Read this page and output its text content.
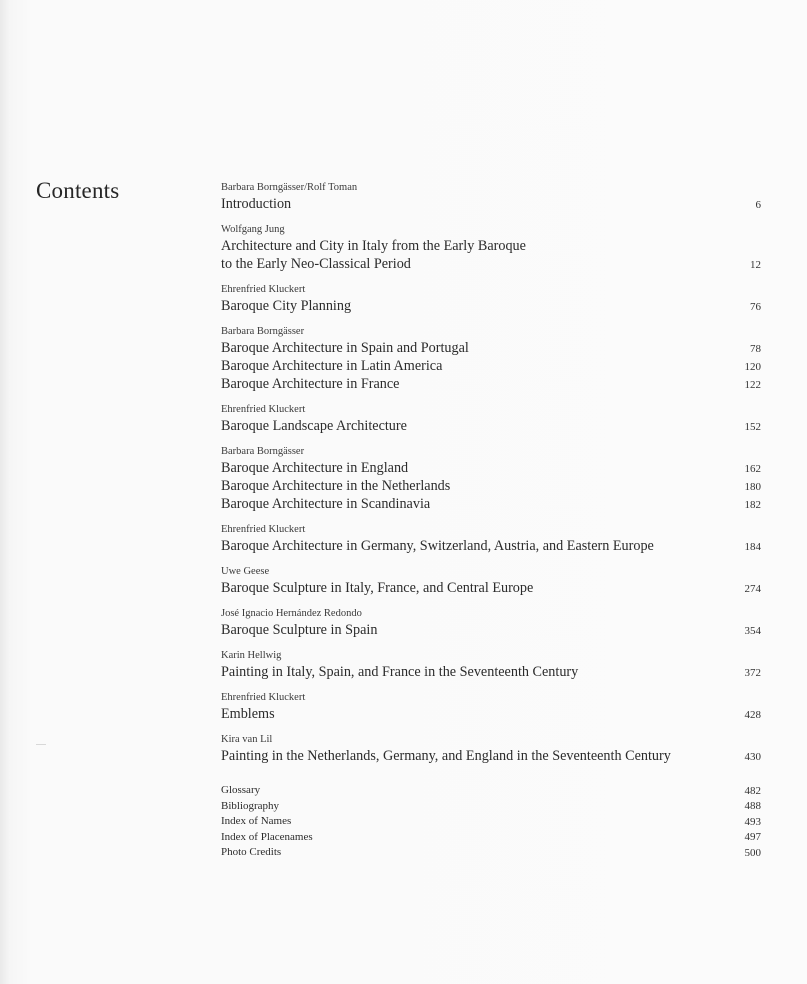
Contents	Barbara Borngässer/Rolf Toman
Introduction	6
Wolfgang Jung
Architecture and City in Italy from the Early Baroque
to the Early Neo-Classical Period	12
Ehrenfried Kluckert
Baroque City Planning	76
Barbara Borngässer
Baroque Architecture in Spain and Portugal	78
Baroque Architecture in Latin America	120
Baroque Architecture in France	122
Ehrenfried Kluckert
Baroque Landscape Architecture	152
Barbara Borngässer
Baroque Architecture in England	162
Baroque Architecture in the Netherlands	180
Baroque Architecture in Scandinavia	182
Ehrenfried Kluckert
Baroque Architecture in Germany, Switzerland, Austria, and Eastern Europe	184
Uwe Geese
Baroque Sculpture in Italy, France, and Central Europe	274
José Ignacio Hernández Redondo
Baroque Sculpture in Spain	354
Karin Hellwig
Painting in Italy, Spain, and France in the Seventeenth Century	372
Ehrenfried Kluckert
Emblems	428
Kira van Lil
Painting in the Netherlands, Germany, and England in the Seventeenth Century	430
Glossary	482
Bibliography	488
Index of Names	493
Index of Placenames	497
Photo Credits	500
